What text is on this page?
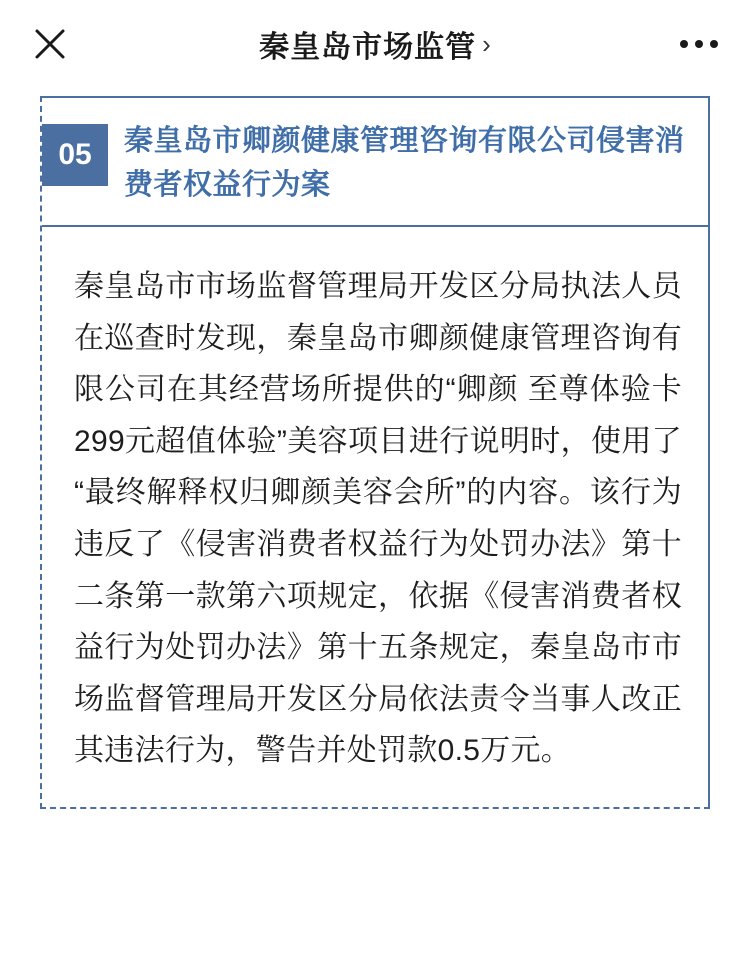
秦皇岛市场监管 ›
05	秦皇岛市卿颜健康管理咨询有限公司侵害消费者权益行为案

秦皇岛市市场监督管理局开发区分局执法人员在巡查时发现，秦皇岛市卿颜健康管理咨询有限公司在其经营场所提供的“卿颜 至尊体验卡 299元超值体验”美容项目进行说明时，使用了“最终解释权归卿颜美容会所”的内容。该行为违反了《侵害消费者权益行为处罚办法》第十二条第一款第六项规定，依据《侵害消费者权益行为处罚办法》第十五条规定，秦皇岛市市场监督管理局开发区分局依法责令当事人改正其违法行为，警告并处罚款0.5万元。
